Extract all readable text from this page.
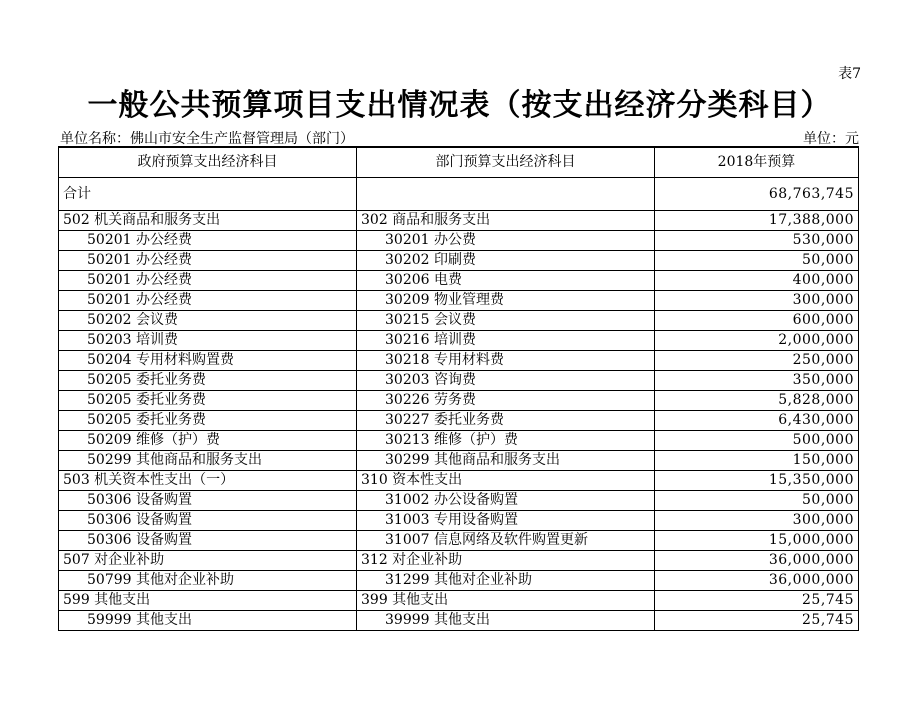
表7
一般公共预算项目支出情况表（按支出经济分类科目）
单位名称：佛山市安全生产监督管理局（部门）	单位：元
政府预算支出经济科目	部门预算支出经济科目	2018年预算
合计		68,763,745
502 机关商品和服务支出	302 商品和服务支出	17,388,000
50201 办公经费	30201 办公费	530,000
50201 办公经费	30202 印刷费	50,000
50201 办公经费	30206 电费	400,000
50201 办公经费	30209 物业管理费	300,000
50202 会议费	30215 会议费	600,000
50203 培训费	30216 培训费	2,000,000
50204 专用材料购置费	30218 专用材料费	250,000
50205 委托业务费	30203 咨询费	350,000
50205 委托业务费	30226 劳务费	5,828,000
50205 委托业务费	30227 委托业务费	6,430,000
50209 维修（护）费	30213 维修（护）费	500,000
50299 其他商品和服务支出	30299 其他商品和服务支出	150,000
503 机关资本性支出（一）	310 资本性支出	15,350,000
50306 设备购置	31002 办公设备购置	50,000
50306 设备购置	31003 专用设备购置	300,000
50306 设备购置	31007 信息网络及软件购置更新	15,000,000
507 对企业补助	312 对企业补助	36,000,000
50799 其他对企业补助	31299 其他对企业补助	36,000,000
599 其他支出	399 其他支出	25,745
59999 其他支出	39999 其他支出	25,745
